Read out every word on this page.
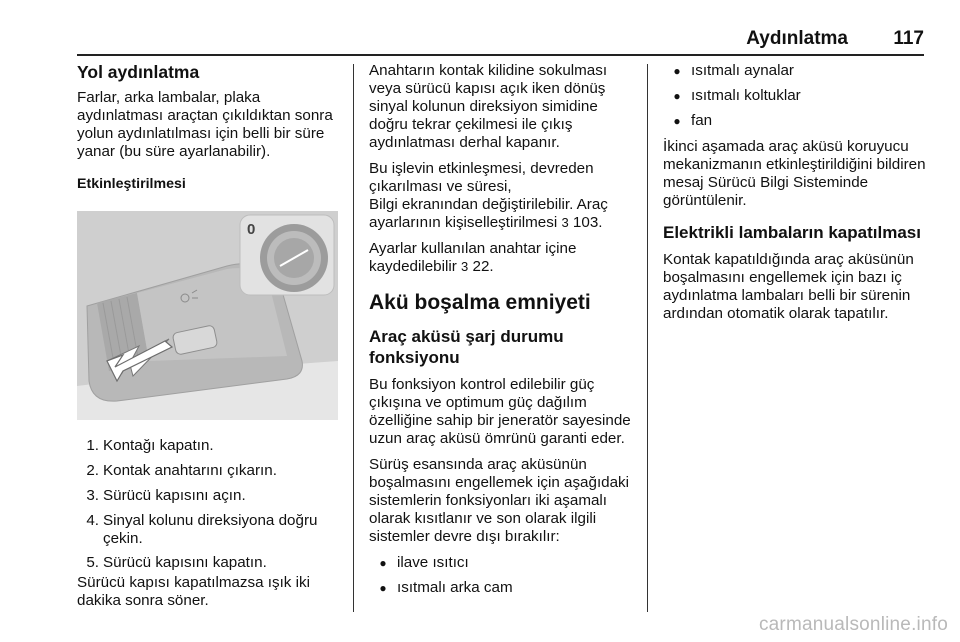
Aydınlatma	117
Yol aydınlatma

Farlar, arka lambalar, plaka aydınlatması araçtan çıkıldıktan sonra yolun aydınlatılması için belli bir süre yanar (bu süre ayarlanabilir).

Etkinleştirilmesi
0
1. Kontağı kapatın.
2. Kontak anahtarını çıkarın.
3. Sürücü kapısını açın.
4. Sinyal kolunu direksiyona doğru çekin.
5. Sürücü kapısını kapatın.

Sürücü kapısı kapatılmazsa ışık iki dakika sonra söner.

Anahtarın kontak kilidine sokulması veya sürücü kapısı açık iken dönüş sinyal kolunun direksiyon simidine doğru tekrar çekilmesi ile çıkış aydınlatması derhal kapanır.

Bu işlevin etkinleşmesi, devreden çıkarılması ve süresi,
Bilgi ekranından değiştirilebilir. Araç ayarlarının kişiselleştirilmesi 3 103.

Ayarlar kullanılan anahtar içine kaydedilebilir 3 22.

Akü boşalma emniyeti
Araç aküsü şarj durumu fonksiyonu

Bu fonksiyon kontrol edilebilir güç çıkışına ve optimum güç dağılım özelliğine sahip bir jeneratör sayesinde uzun araç aküsü ömrünü garanti eder.

Sürüş esansında araç aküsünün boşalmasını engellemek için aşağıdaki sistemlerin fonksiyonları iki aşamalı olarak kısıtlanır ve son olarak ilgili sistemler devre dışı bırakılır:

● ilave ısıtıcı
● ısıtmalı arka cam
● ısıtmalı aynalar
● ısıtmalı koltuklar
● fan

İkinci aşamada araç aküsü koruyucu mekanizmanın etkinleştirildiğini bildiren mesaj Sürücü Bilgi Sisteminde görüntülenir.

Elektrikli lambaların kapatılması

Kontak kapatıldığında araç aküsünün boşalmasını engellemek için bazı iç aydınlatma lambaları belli bir sürenin ardından otomatik olarak tapatılır.

carmanualsonline.info
